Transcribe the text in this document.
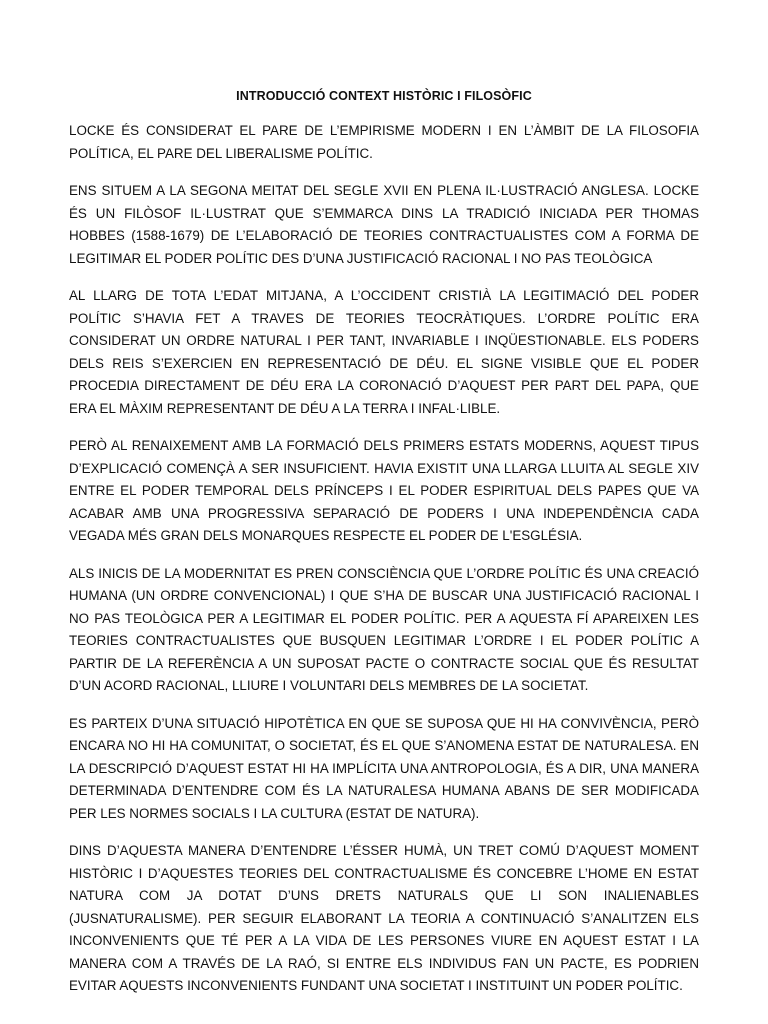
INTRODUCCIÓ CONTEXT HISTÒRIC I FILOSÒFIC

LOCKE ÉS CONSIDERAT EL PARE DE L’EMPIRISME MODERN I EN L’ÀMBIT DE LA FILOSOFIA POLÍTICA, EL PARE DEL LIBERALISME POLÍTIC.

ENS SITUEM A LA SEGONA MEITAT DEL SEGLE XVII EN PLENA IL·LUSTRACIÓ ANGLESA. LOCKE ÉS UN FILÒSOF IL·LUSTRAT QUE S’EMMARCA DINS LA TRADICIÓ INICIADA PER THOMAS HOBBES (1588-1679) DE L’ELABORACIÓ DE TEORIES CONTRACTUALISTES COM A FORMA DE LEGITIMAR EL PODER POLÍTIC DES D’UNA JUSTIFICACIÓ RACIONAL I NO PAS TEOLÒGICA

AL LLARG DE TOTA L’EDAT MITJANA, A L’OCCIDENT CRISTIÀ LA LEGITIMACIÓ DEL PODER POLÍTIC S’HAVIA FET A TRAVES DE TEORIES TEOCRÀTIQUES. L’ORDRE POLÍTIC ERA CONSIDERAT UN ORDRE NATURAL I PER TANT, INVARIABLE I INQÜESTIONABLE. ELS PODERS DELS REIS S’EXERCIEN EN REPRESENTACIÓ DE DÉU. EL SIGNE VISIBLE QUE EL PODER PROCEDIA DIRECTAMENT DE DÉU ERA LA CORONACIÓ D’AQUEST PER PART DEL PAPA, QUE ERA EL MÀXIM REPRESENTANT DE DÉU A LA TERRA I INFAL·LIBLE.

PERÒ AL RENAIXEMENT AMB LA FORMACIÓ DELS PRIMERS ESTATS MODERNS, AQUEST TIPUS D’EXPLICACIÓ COMENÇÀ A SER INSUFICIENT. HAVIA EXISTIT UNA LLARGA LLUITA AL SEGLE XIV ENTRE EL PODER TEMPORAL DELS PRÍNCEPS I EL PODER ESPIRITUAL DELS PAPES QUE VA ACABAR AMB UNA PROGRESSIVA SEPARACIÓ DE PODERS I UNA INDEPENDÈNCIA CADA VEGADA MÉS GRAN DELS MONARQUES RESPECTE EL PODER DE L'ESGLÉSIA.

ALS INICIS DE LA MODERNITAT ES PREN CONSCIÈNCIA QUE L’ORDRE POLÍTIC ÉS UNA CREACIÓ HUMANA (UN ORDRE CONVENCIONAL) I QUE S’HA DE BUSCAR UNA JUSTIFICACIÓ RACIONAL I NO PAS TEOLÒGICA PER A LEGITIMAR EL PODER POLÍTIC. PER A AQUESTA FÍ APAREIXEN LES TEORIES CONTRACTUALISTES QUE BUSQUEN LEGITIMAR L’ORDRE I EL PODER POLÍTIC A PARTIR DE LA REFERÈNCIA A UN SUPOSAT PACTE O CONTRACTE SOCIAL QUE ÉS RESULTAT D’UN ACORD RACIONAL, LLIURE I VOLUNTARI DELS MEMBRES DE LA SOCIETAT.

ES PARTEIX D’UNA SITUACIÓ HIPOTÈTICA EN QUE SE SUPOSA QUE HI HA CONVIVÈNCIA, PERÒ ENCARA NO HI HA COMUNITAT, O SOCIETAT, ÉS EL QUE S’ANOMENA ESTAT DE NATURALESA. EN LA DESCRIPCIÓ D’AQUEST ESTAT HI HA IMPLÍCITA UNA ANTROPOLOGIA, ÉS A DIR, UNA MANERA DETERMINADA D’ENTENDRE COM ÉS LA NATURALESA HUMANA ABANS DE SER MODIFICADA PER LES NORMES SOCIALS I LA CULTURA (ESTAT DE NATURA).

DINS D’AQUESTA MANERA D’ENTENDRE L’ÉSSER HUMÀ, UN TRET COMÚ D’AQUEST MOMENT HISTÒRIC I D’AQUESTES TEORIES DEL CONTRACTUALISME ÉS CONCEBRE L’HOME EN ESTAT NATURA COM JA DOTAT D’UNS DRETS NATURALS QUE LI SON INALIENABLES (JUSNATURALISME). PER SEGUIR ELABORANT LA TEORIA A CONTINUACIÓ S’ANALITZEN ELS INCONVENIENTS QUE TÉ PER A LA VIDA DE LES PERSONES VIURE EN AQUEST ESTAT I LA MANERA COM A TRAVÉS DE LA RAÓ, SI ENTRE ELS INDIVIDUS FAN UN PACTE, ES PODRIEN EVITAR AQUESTS INCONVENIENTS FUNDANT UNA SOCIETAT I INSTITUINT UN PODER POLÍTIC.
